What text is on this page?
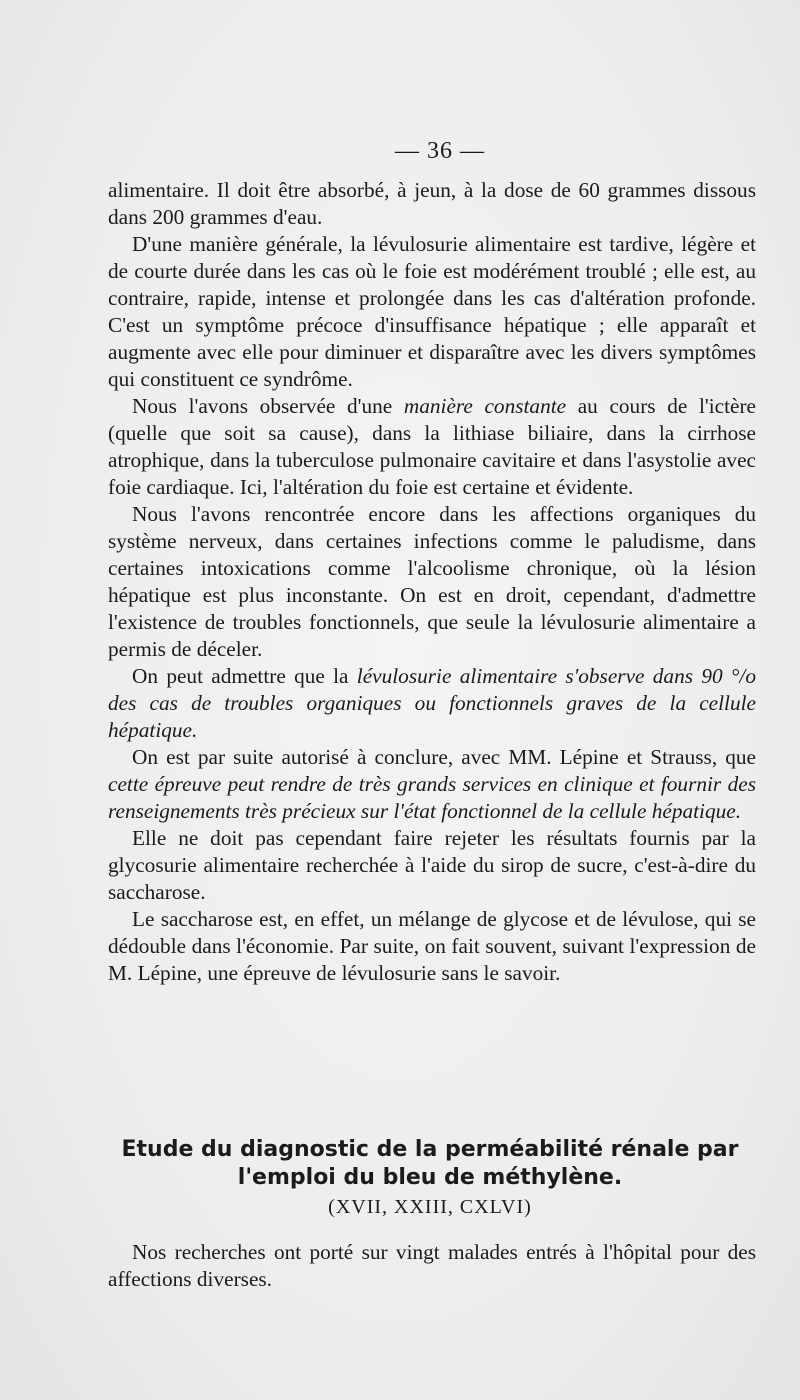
— 36 —

alimentaire. Il doit être absorbé, à jeun, à la dose de 60 grammes dissous dans 200 grammes d'eau.

D'une manière générale, la lévulosurie alimentaire est tardive, légère et de courte durée dans les cas où le foie est modérément troublé ; elle est, au contraire, rapide, intense et prolongée dans les cas d'altération profonde. C'est un symptôme précoce d'insuffisance hépatique ; elle apparaît et augmente avec elle pour diminuer et disparaître avec les divers symptômes qui constituent ce syndrôme.

Nous l'avons observée d'une manière constante au cours de l'ictère (quelle que soit sa cause), dans la lithiase biliaire, dans la cirrhose atrophique, dans la tuberculose pulmonaire cavitaire et dans l'asystolie avec foie cardiaque. Ici, l'altération du foie est certaine et évidente.

Nous l'avons rencontrée encore dans les affections organiques du système nerveux, dans certaines infections comme le paludisme, dans certaines intoxications comme l'alcoolisme chronique, où la lésion hépatique est plus inconstante. On est en droit, cependant, d'admettre l'existence de troubles fonctionnels, que seule la lévulosurie alimentaire a permis de déceler.

On peut admettre que la lévulosurie alimentaire s'observe dans 90 °/o des cas de troubles organiques ou fonctionnels graves de la cellule hépatique.

On est par suite autorisé à conclure, avec MM. Lépine et Strauss, que cette épreuve peut rendre de très grands services en clinique et fournir des renseignements très précieux sur l'état fonctionnel de la cellule hépatique.

Elle ne doit pas cependant faire rejeter les résultats fournis par la glycosurie alimentaire recherchée à l'aide du sirop de sucre, c'est-à-dire du saccharose.

Le saccharose est, en effet, un mélange de glycose et de lévulose, qui se dédouble dans l'économie. Par suite, on fait souvent, suivant l'expression de M. Lépine, une épreuve de lévulosurie sans le savoir.

Etude du diagnostic de la perméabilité rénale par
l'emploi du bleu de méthylène.
(XVII, XXIII, CXLVI)

Nos recherches ont porté sur vingt malades entrés à l'hôpital pour des affections diverses.
